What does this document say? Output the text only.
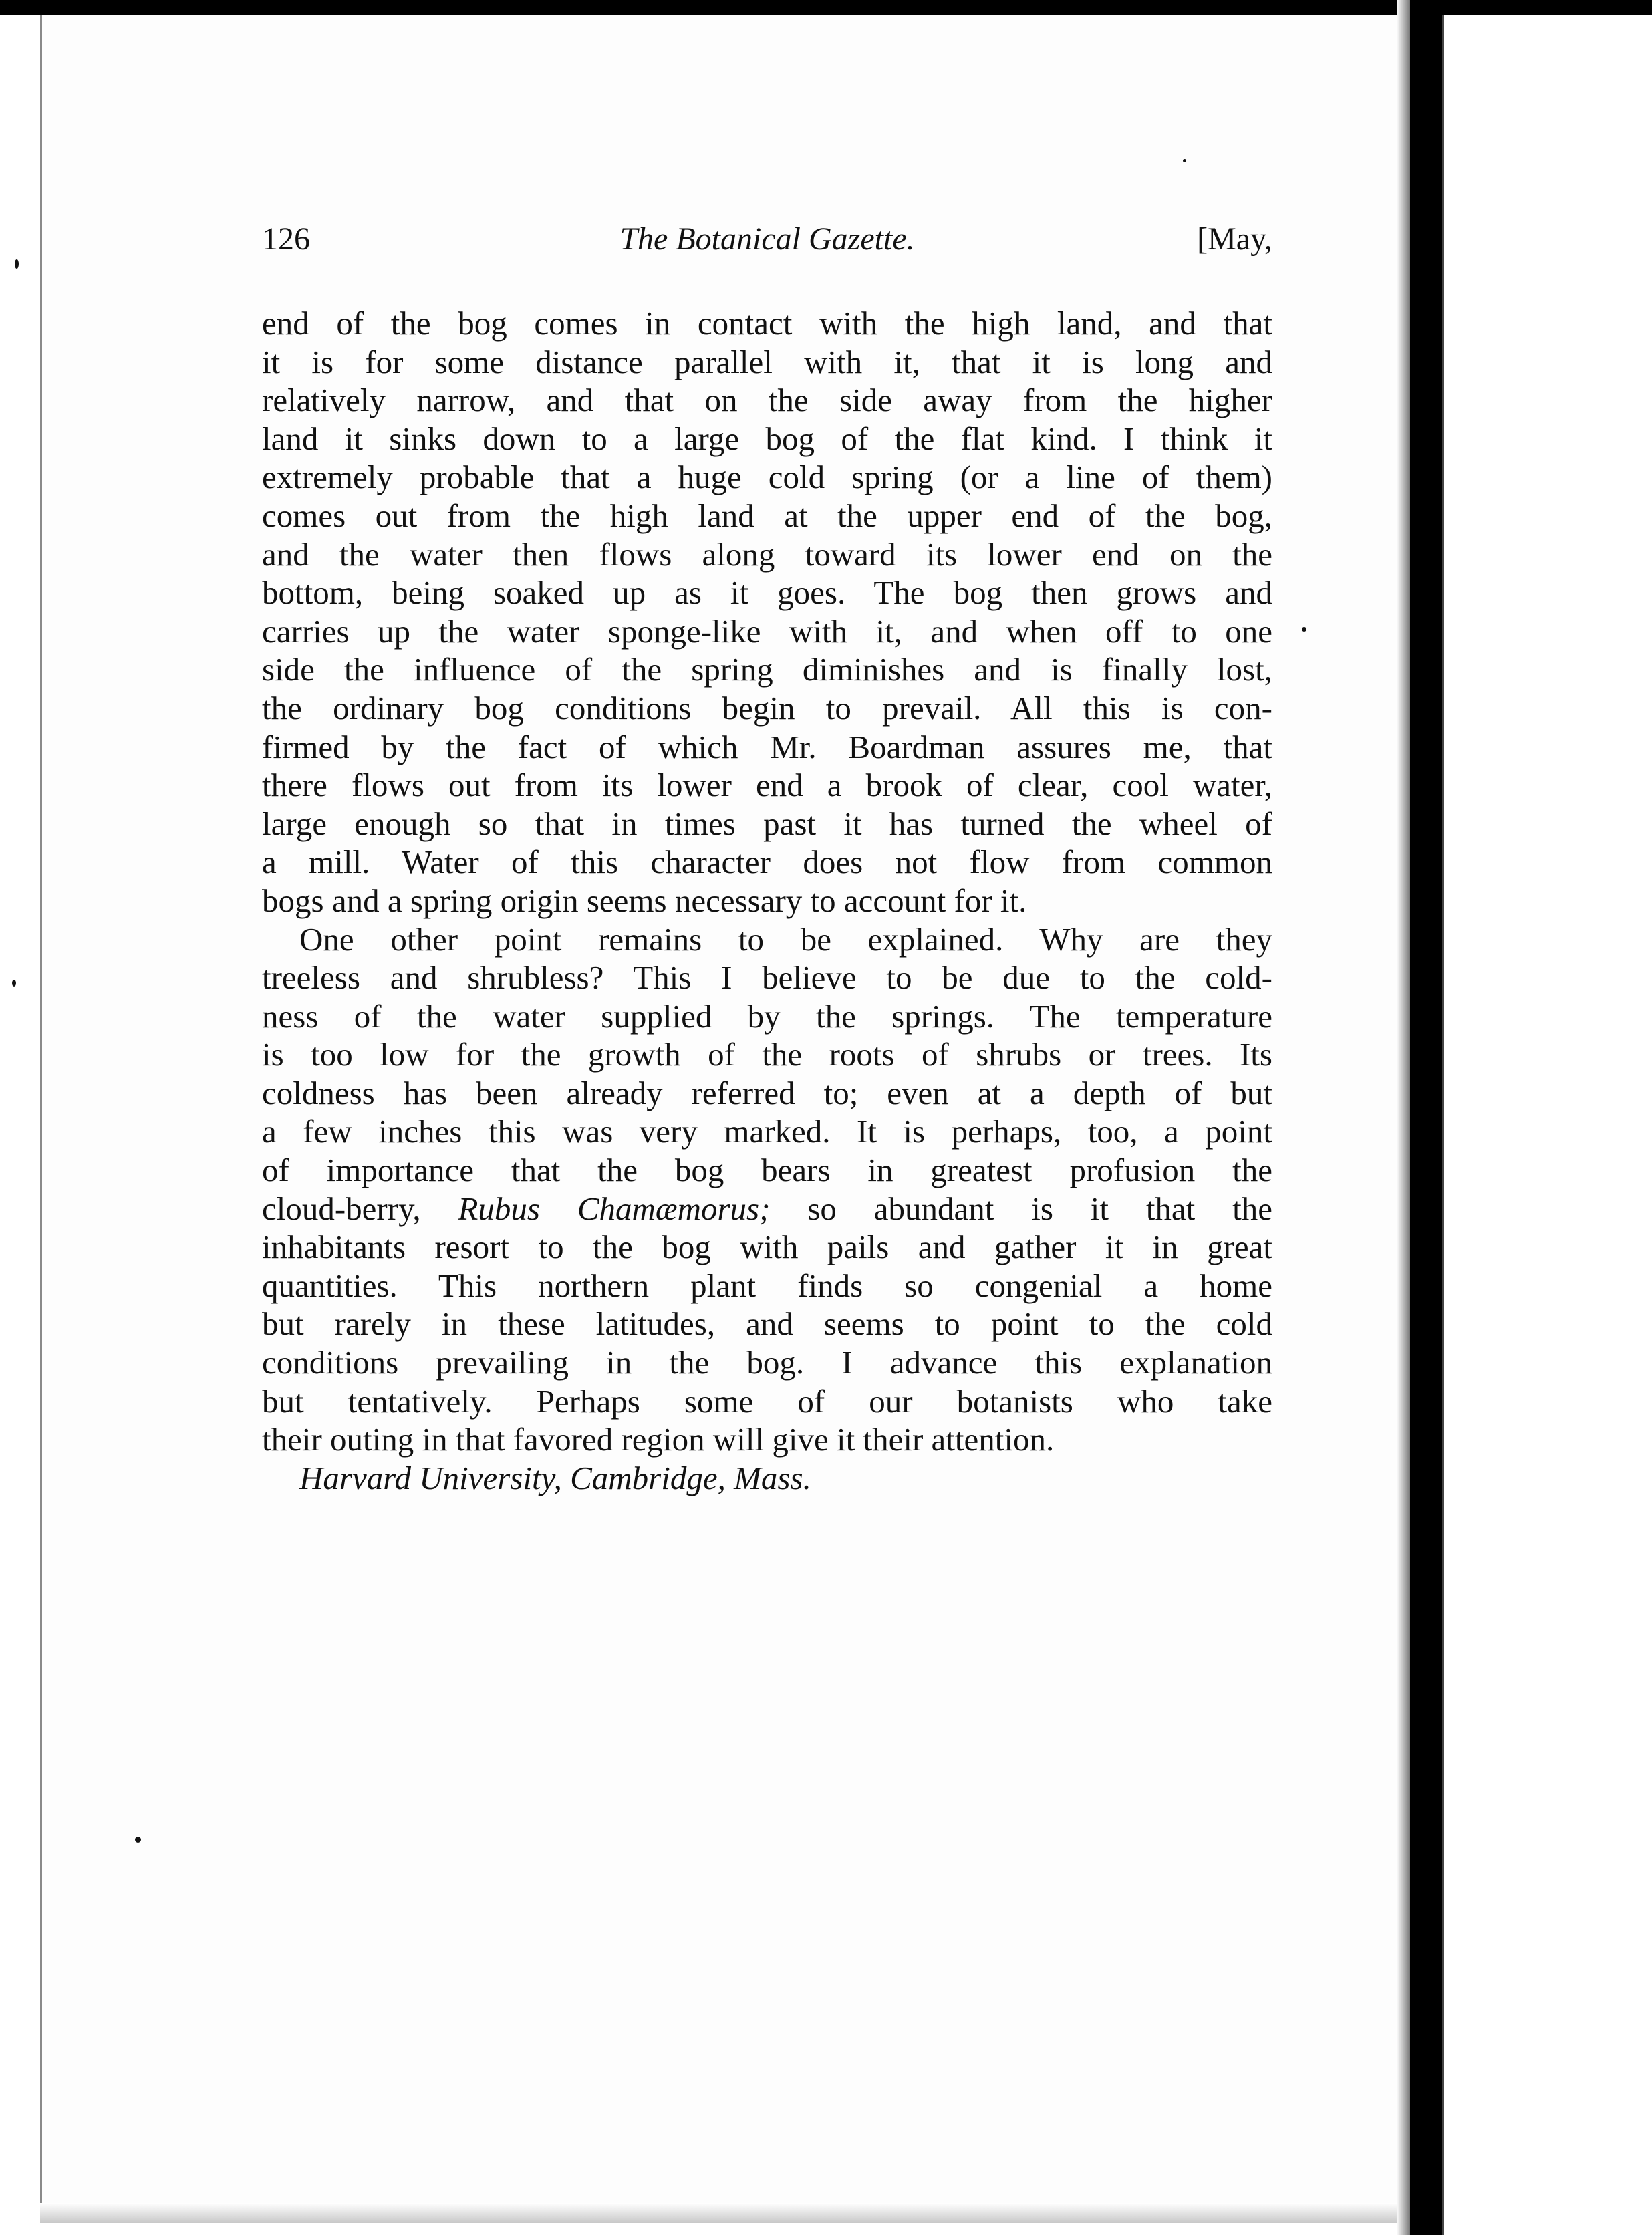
126	The Botanical Gazette.	[May,
end of the bog comes in contact with the high land, and that
it is for some distance parallel with it, that it is long and
relatively narrow, and that on the side away from the higher
land it sinks down to a large bog of the flat kind. I think it
extremely probable that a huge cold spring (or a line of them)
comes out from the high land at the upper end of the bog,
and the water then flows along toward its lower end on the
bottom, being soaked up as it goes. The bog then grows and
carries up the water sponge-like with it, and when off to one
side the influence of the spring diminishes and is finally lost,
the ordinary bog conditions begin to prevail. All this is con-
firmed by the fact of which Mr. Boardman assures me, that
there flows out from its lower end a brook of clear, cool water,
large enough so that in times past it has turned the wheel of
a mill. Water of this character does not flow from common
bogs and a spring origin seems necessary to account for it.
One other point remains to be explained. Why are they
treeless and shrubless? This I believe to be due to the cold-
ness of the water supplied by the springs. The temperature
is too low for the growth of the roots of shrubs or trees. Its
coldness has been already referred to; even at a depth of but
a few inches this was very marked. It is perhaps, too, a point
of importance that the bog bears in greatest profusion the
cloud-berry, Rubus Chamæmorus; so abundant is it that the
inhabitants resort to the bog with pails and gather it in great
quantities. This northern plant finds so congenial a home
but rarely in these latitudes, and seems to point to the cold
conditions prevailing in the bog. I advance this explanation
but tentatively. Perhaps some of our botanists who take
their outing in that favored region will give it their attention.
Harvard University, Cambridge, Mass.
